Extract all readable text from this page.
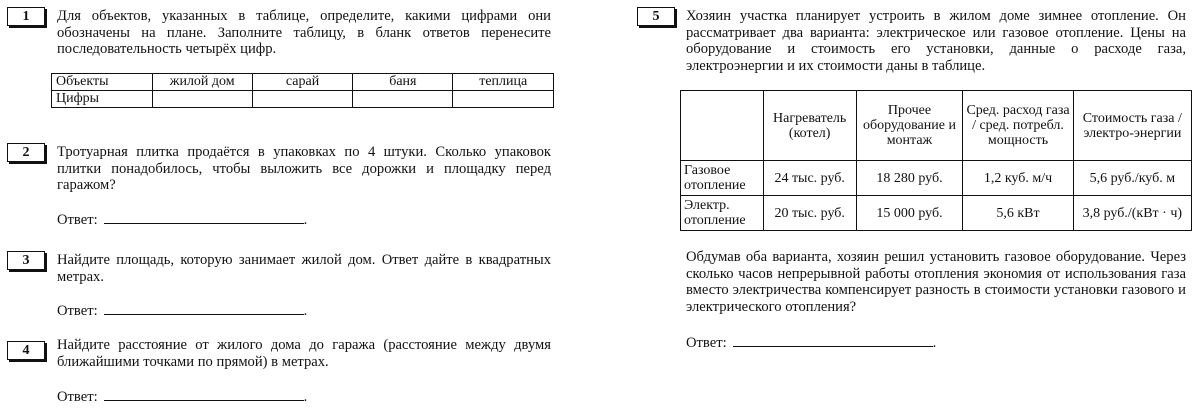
1	Для объектов, указанных в таблице, определите, какими цифрами они обозначены на плане. Заполните таблицу, в бланк ответов перенесите последовательность четырёх цифр.
Объекты	жилой дом	сарай	баня	теплица
Цифры				
2	Тротуарная плитка продаётся в упаковках по 4 штуки. Сколько упаковок плитки понадобилось, чтобы выложить все дорожки и площадку перед гаражом?
Ответ:	.
3	Найдите площадь, которую занимает жилой дом. Ответ дайте в квадратных метрах.
Ответ:	.
4	Найдите расстояние от жилого дома до гаража (расстояние между двумя ближайшими точками по прямой) в метрах.
Ответ:	.
5	Хозяин участка планирует устроить в жилом доме зимнее отопление. Он рассматривает два варианта: электрическое или газовое отопление. Цены на оборудование и стоимость его установки, данные о расходе газа, электроэнергии и их стоимости даны в таблице.
	Нагреватель (котел)	Прочее оборудование и монтаж	Сред. расход газа / сред. потребл. мощность	Стоимость газа / электро-энергии
Газовое отопление	24 тыс. руб.	18 280 руб.	1,2 куб. м/ч	5,6 руб./куб. м
Электр. отопление	20 тыс. руб.	15 000 руб.	5,6 кВт	3,8 руб./(кВт · ч)
Обдумав оба варианта, хозяин решил установить газовое оборудование. Через сколько часов непрерывной работы отопления экономия от использования газа вместо электричества компенсирует разность в стоимости установки газового и электрического отопления?
Ответ:	.
